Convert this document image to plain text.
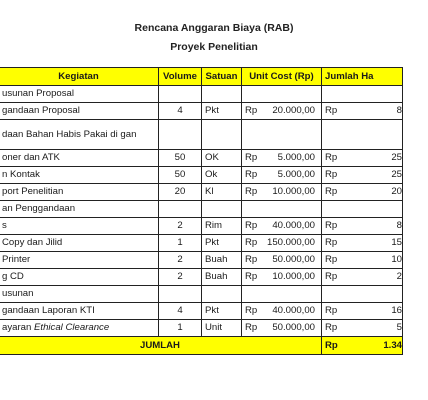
Rencana Anggaran Biaya (RAB)
Proyek Penelitian
Kegiatan	Volume	Satuan	Unit Cost (Rp)		Jumlah Ha	
usunan Proposal						
gandaan Proposal	4	Pkt	Rp	20.000,00	Rp	8
daan Bahan Habis Pakai di gan						
oner dan ATK	50	OK	Rp	5.000,00	Rp	25
n Kontak	50	Ok	Rp	5.000,00	Rp	25
port Penelitian	20	Kl	Rp	10.000,00	Rp	20
an Penggandaan						
s	2	Rim	Rp	40.000,00	Rp	8
Copy dan Jilid	1	Pkt	Rp	150.000,00	Rp	15
Printer	2	Buah	Rp	50.000,00	Rp	10
g CD	2	Buah	Rp	10.000,00	Rp	2
usunan						
gandaan Laporan KTI	4	Pkt	Rp	40.000,00	Rp	16
ayaran Ethical Clearance	1	Unit	Rp	50.000,00	Rp	5
JUMLAH					Rp	1.34
